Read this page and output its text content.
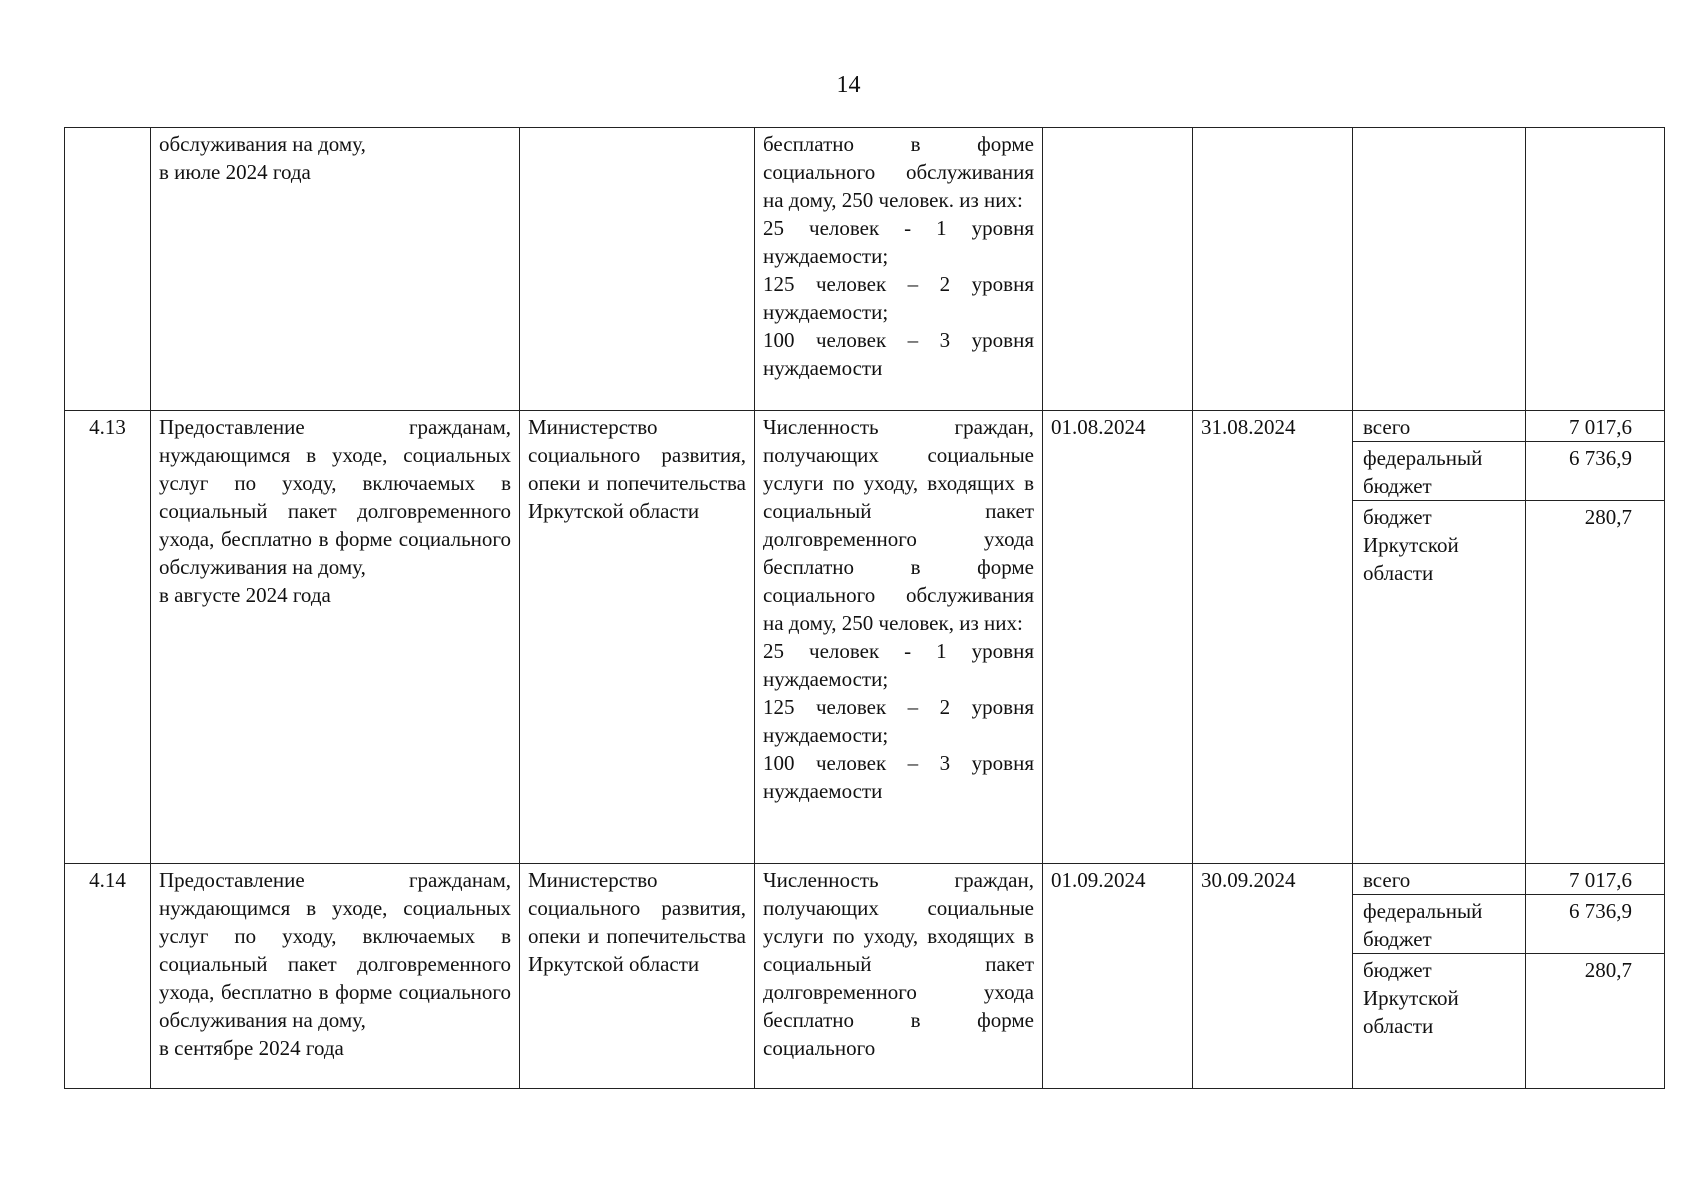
14
	обслуживания на дому,
в июле 2024 года		бесплатно в форме социального обслуживания на дому, 250 человек. из них:
25 человек - 1 уровня нуждаемости;
125 человек – 2 уровня нуждаемости;
100 человек – 3 уровня нуждаемости			

4.13	Предоставление гражданам, нуждающимся в уходе, социальных услуг по уходу, включаемых в социальный пакет долговременного ухода, бесплатно в форме социального обслуживания на дому,
в августе 2024 года	Министерство социального развития, опеки и попечительства Иркутской области	Численность граждан, получающих социальные услуги по уходу, входящих в социальный пакет долговременного ухода бесплатно в форме социального обслуживания на дому, 250 человек, из них:
25 человек - 1 уровня нуждаемости;
125 человек – 2 уровня нуждаемости;
100 человек – 3 уровня нуждаемости	01.08.2024	31.08.2024		всего	7 017,6
федеральный бюджет	6 736,9
бюджет Иркутской области	280,7

4.14	Предоставление гражданам, нуждающимся в уходе, социальных услуг по уходу, включаемых в социальный пакет долговременного ухода, бесплатно в форме социального обслуживания на дому,
в сентябре 2024 года	Министерство социального развития, опеки и попечительства Иркутской области	Численность граждан, получающих социальные услуги по уходу, входящих в социальный пакет долговременного ухода бесплатно в форме социального	01.09.2024	30.09.2024		всего	7 017,6
федеральный бюджет	6 736,9
бюджет Иркутской области	280,7
